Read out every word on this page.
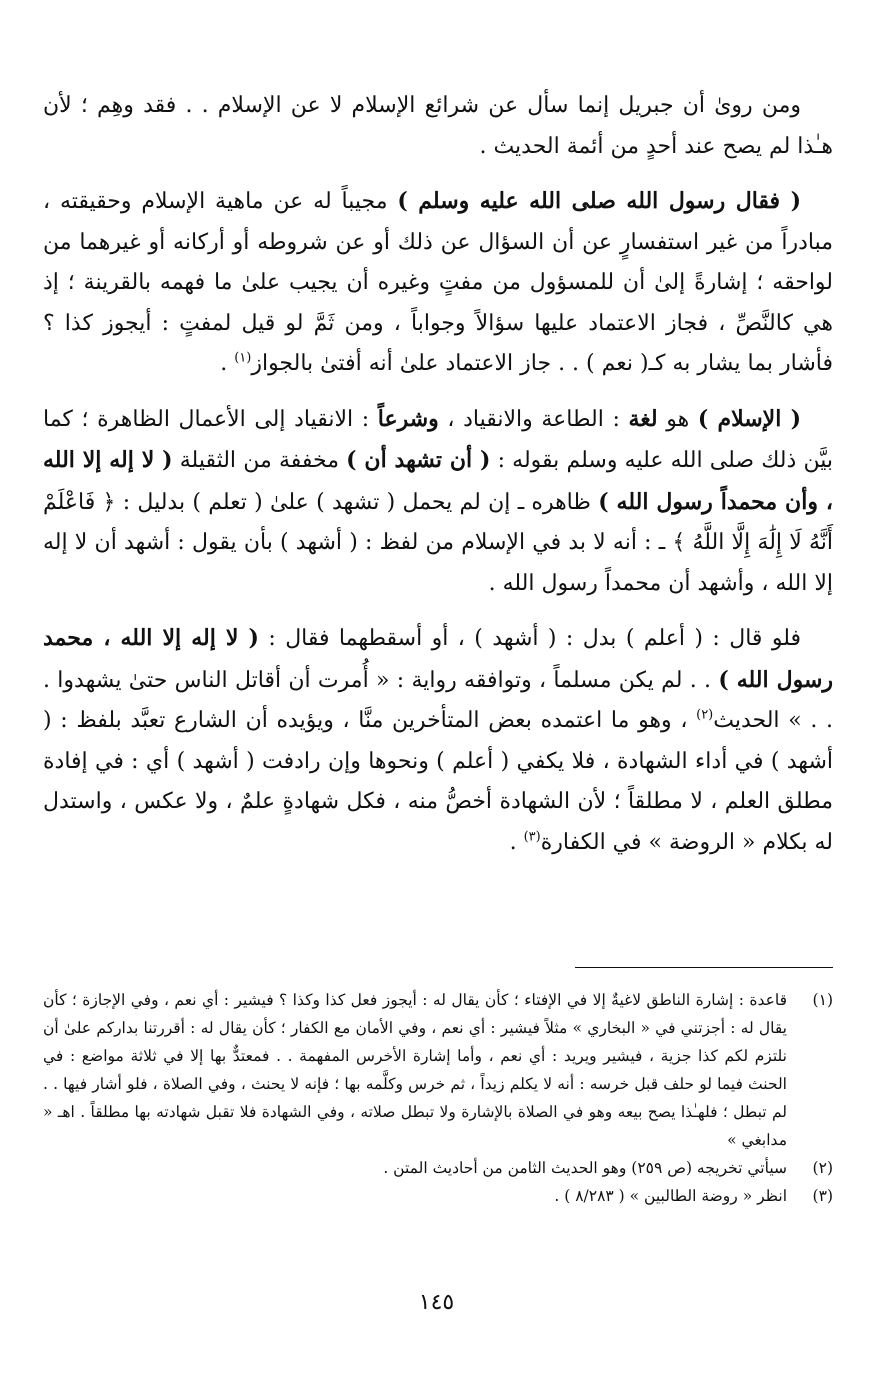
ومن روىٰ أن جبريل إنما سأل عن شرائع الإسلام لا عن الإسلام . . فقد وهِم ؛ لأن هـٰذا لم يصح عند أحدٍ من أئمة الحديث .

( فقال رسول الله صلى الله عليه وسلم ) مجيباً له عن ماهية الإسلام وحقيقته ، مبادراً من غير استفسارٍ عن أن السؤال عن ذلك أو عن شروطه أو أركانه أو غيرهما من لواحقه ؛ إشارةً إلىٰ أن للمسؤول من مفتٍ وغيره أن يجيب علىٰ ما فهمه بالقرينة ؛ إذ هي كالنَّصِّ ، فجاز الاعتماد عليها سؤالاً وجواباً ، ومن ثَمَّ لو قيل لمفتٍ : أيجوز كذا ؟ فأشار بما يشار به كـ( نعم ) . . جاز الاعتماد علىٰ أنه أفتىٰ بالجواز$^{(١)}$ .

( الإسلام ) هو لغة : الطاعة والانقياد ، وشرعاً : الانقياد إلى الأعمال الظاهرة ؛ كما بيَّن ذلك صلى الله عليه وسلم بقوله : ( أن تشهد أن ) مخففة من الثقيلة ( لا إله إلا الله ، وأن محمداً رسول الله ) ظاهره ـ إن لم يحمل ( تشهد ) علىٰ ( تعلم ) بدليل : ﴿ فَاعْلَمْ أَنَّهُ لَا إِلَٰهَ إِلَّا اللَّهُ ﴾ ـ : أنه لا بد في الإسلام من لفظ : ( أشهد ) بأن يقول : أشهد أن لا إله إلا الله ، وأشهد أن محمداً رسول الله .

فلو قال : ( أعلم ) بدل : ( أشهد ) ، أو أسقطهما فقال : ( لا إله إلا الله ، محمد رسول الله ) . . لم يكن مسلماً ، وتوافقه رواية : « أُمرت أن أقاتل الناس حتىٰ يشهدوا . . . » الحديث$^{(٢)}$ ، وهو ما اعتمده بعض المتأخرين منَّا ، ويؤيده أن الشارع تعبَّد بلفظ : ( أشهد ) في أداء الشهادة ، فلا يكفي ( أعلم ) ونحوها وإن رادفت ( أشهد ) أي : في إفادة مطلق العلم ، لا مطلقاً ؛ لأن الشهادة أخصُّ منه ، فكل شهادةٍ علمٌ ، ولا عكس ، واستدل له بكلام « الروضة » في الكفارة$^{(٣)}$ .

(١)
قاعدة : إشارة الناطق لاغيةٌ إلا في الإفتاء ؛ كأن يقال له : أيجوز فعل كذا وكذا ؟ فيشير : أي نعم ، وفي الإجازة ؛ كأن يقال له : أجزتني في « البخاري » مثلاً فيشير : أي نعم ، وفي الأمان مع الكفار ؛ كأن يقال له : أقررتنا بداركم علىٰ أن نلتزم لكم كذا جزية ، فيشير ويريد : أي نعم ، وأما إشارة الأخرس المفهمة . . فمعتدٌّ بها إلا في ثلاثة مواضع : في الحنث فيما لو حلف قبل خرسه : أنه لا يكلم زيداً ، ثم خرس وكلَّمه بها ؛ فإنه لا يحنث ، وفي الصلاة ، فلو أشار فيها . . لم تبطل ؛ فلهـٰذا يصح بيعه وهو في الصلاة بالإشارة ولا تبطل صلاته ، وفي الشهادة فلا تقبل شهادته بها مطلقاً . اهـ « مدابغي »
(٢)
سيأتي تخريجه (ص ٢٥٩) وهو الحديث الثامن من أحاديث المتن .
(٣)
انظر « روضة الطالبين » ( ٨/٢٨٣ ) .
١٤٥
